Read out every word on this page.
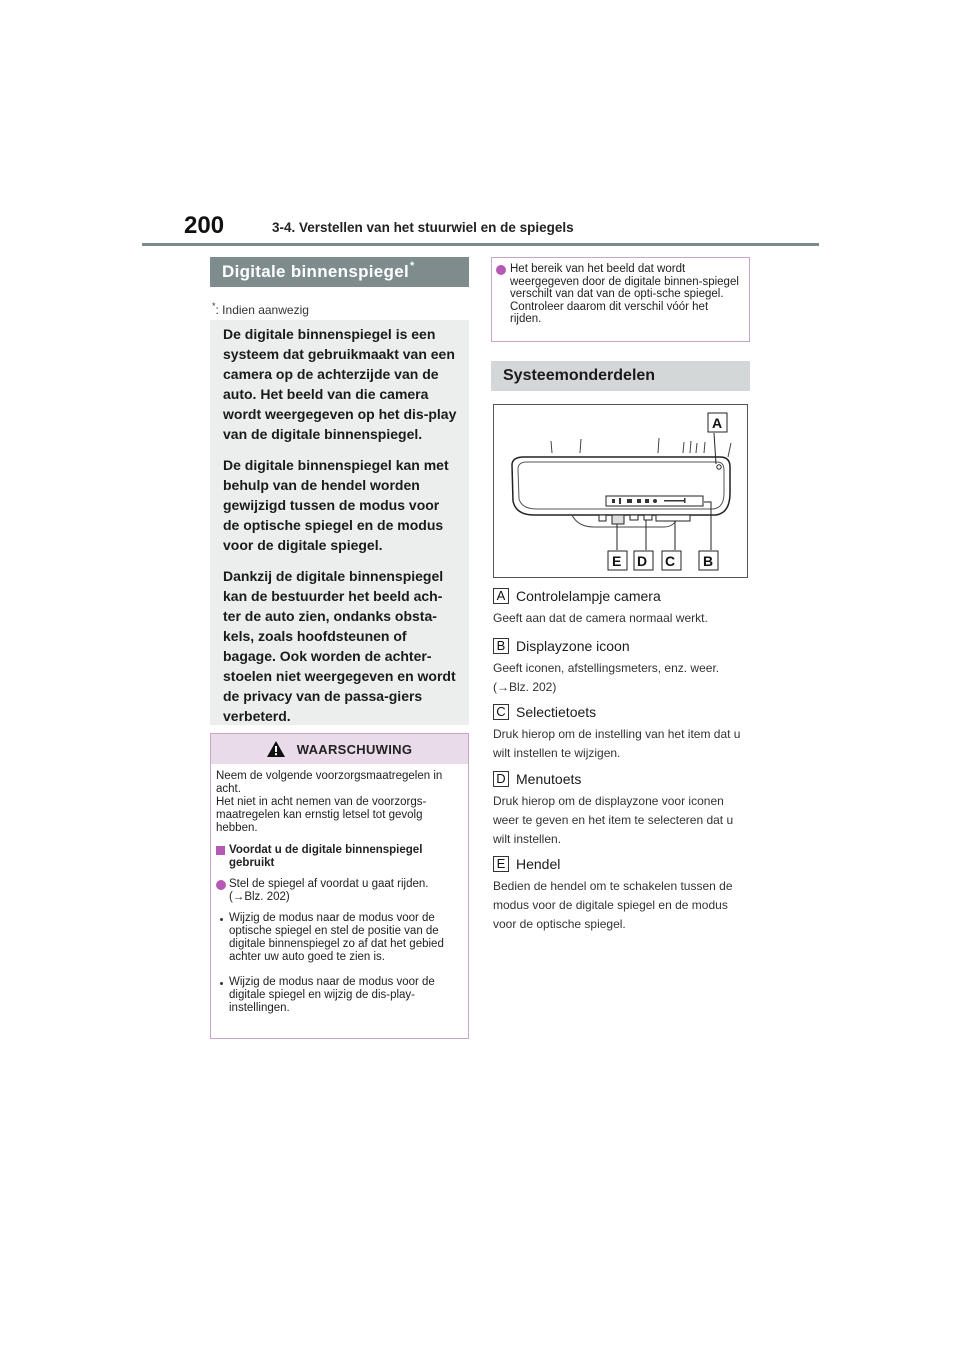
200	3-4. Verstellen van het stuurwiel en de spiegels
Digitale binnenspiegel*
*: Indien aanwezig

De digitale binnenspiegel is een systeem dat gebruikmaakt van een camera op de achterzijde van de auto. Het beeld van die camera wordt weergegeven op het dis-play van de digitale binnenspiegel.

De digitale binnenspiegel kan met behulp van de hendel worden gewijzigd tussen de modus voor de optische spiegel en de modus voor de digitale spiegel.

Dankzij de digitale binnenspiegel kan de bestuurder het beeld ach-ter de auto zien, ondanks obsta-kels, zoals hoofdsteunen of bagage. Ook worden de achter-stoelen niet weergegeven en wordt de privacy van de passa-giers verbeterd.

WAARSCHUWING

Neem de volgende voorzorgsmaatregelen in acht.
Het niet in acht nemen van de voorzorgs-maatregelen kan ernstig letsel tot gevolg hebben.

Voordat u de digitale binnenspiegel gebruikt
Stel de spiegel af voordat u gaat rijden. (→Blz. 202)
Wijzig de modus naar de modus voor de optische spiegel en stel de positie van de digitale binnenspiegel zo af dat het gebied achter uw auto goed te zien is.
Wijzig de modus naar de modus voor de digitale spiegel en wijzig de dis-play-instellingen.
Het bereik van het beeld dat wordt weergegeven door de digitale binnen-spiegel verschilt van dat van de opti-sche spiegel. Controleer daarom dit verschil vóór het rijden.
Systeemonderdelen
A
E D C B
A Controlelampje camera
Geeft aan dat de camera normaal werkt.
B Displayzone icoon
Geeft iconen, afstellingsmeters, enz. weer. (→Blz. 202)
C Selectietoets
Druk hierop om de instelling van het item dat u wilt instellen te wijzigen.
D Menutoets
Druk hierop om de displayzone voor iconen weer te geven en het item te selecteren dat u wilt instellen.
E Hendel
Bedien de hendel om te schakelen tussen de modus voor de digitale spiegel en de modus voor de optische spiegel.
